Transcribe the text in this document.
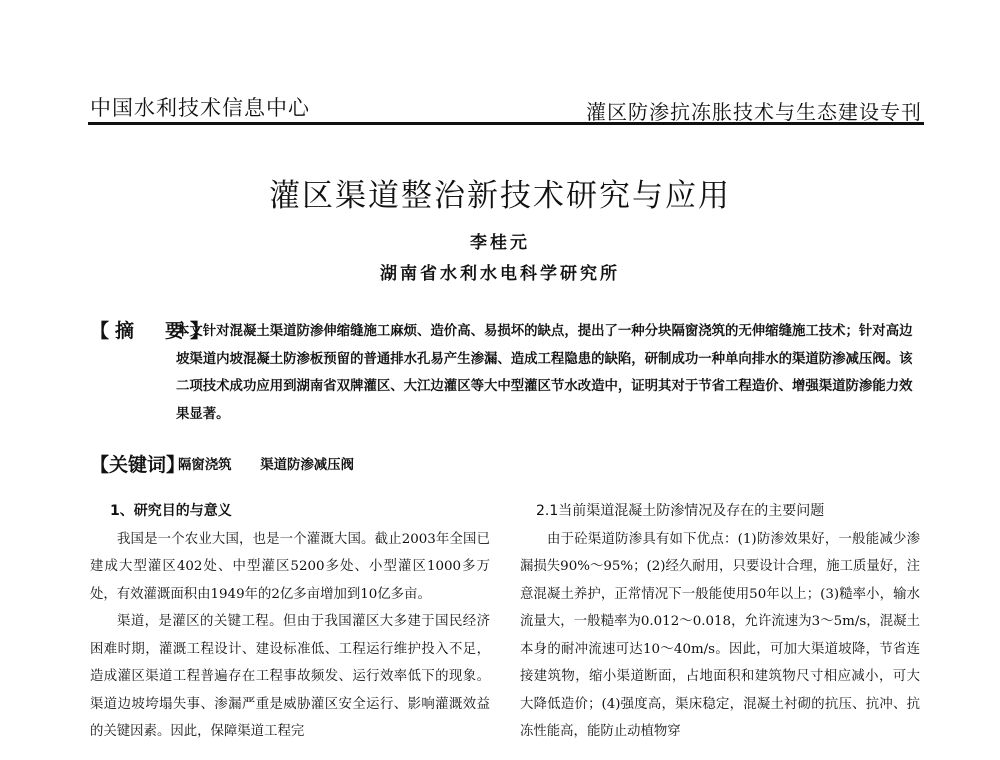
中国水利技术信息中心	灌区防渗抗冻胀技术与生态建设专刊
灌区渠道整治新技术研究与应用
李桂元
湖南省水利水电科学研究所
【摘　要】
本文针对混凝土渠道防渗伸缩缝施工麻烦、造价高、易损坏的缺点，提出了一种分块隔窗浇筑的无伸缩缝施工技术；针对高边坡渠道内坡混凝土防渗板预留的普通排水孔易产生渗漏、造成工程隐患的缺陷，研制成功一种单向排水的渠道防渗减压阀。该二项技术成功应用到湖南省双牌灌区、大江边灌区等大中型灌区节水改造中，证明其对于节省工程造价、增强渠道防渗能力效果显著。
【关键词】
隔窗浇筑 渠道防渗减压阀
1、研究目的与意义

我国是一个农业大国，也是一个灌溉大国。截止2003年全国已建成大型灌区402处、中型灌区5200多处、小型灌区1000多万处，有效灌溉面积由1949年的2亿多亩增加到10亿多亩。

渠道，是灌区的关键工程。但由于我国灌区大多建于国民经济困难时期，灌溉工程设计、建设标准低、工程运行维护投入不足，造成灌区渠道工程普遍存在工程事故频发、运行效率低下的现象。渠道边坡垮塌失事、渗漏严重是威胁灌区安全运行、影响灌溉效益的关键因素。因此，保障渠道工程完

2.1当前渠道混凝土防渗情况及存在的主要问题

由于砼渠道防渗具有如下优点：(1)防渗效果好，一般能减少渗漏损失90%～95%；(2)经久耐用，只要设计合理，施工质量好，注意混凝土养护，正常情况下一般能使用50年以上；(3)糙率小，输水流量大，一般糙率为0.012～0.018，允许流速为3～5m/s，混凝土本身的耐冲流速可达10～40m/s。因此，可加大渠道坡降，节省连接建筑物，缩小渠道断面，占地面积和建筑物尺寸相应减小，可大大降低造价；(4)强度高，渠床稳定，混凝土衬砌的抗压、抗冲、抗冻性能高，能防止动植物穿
